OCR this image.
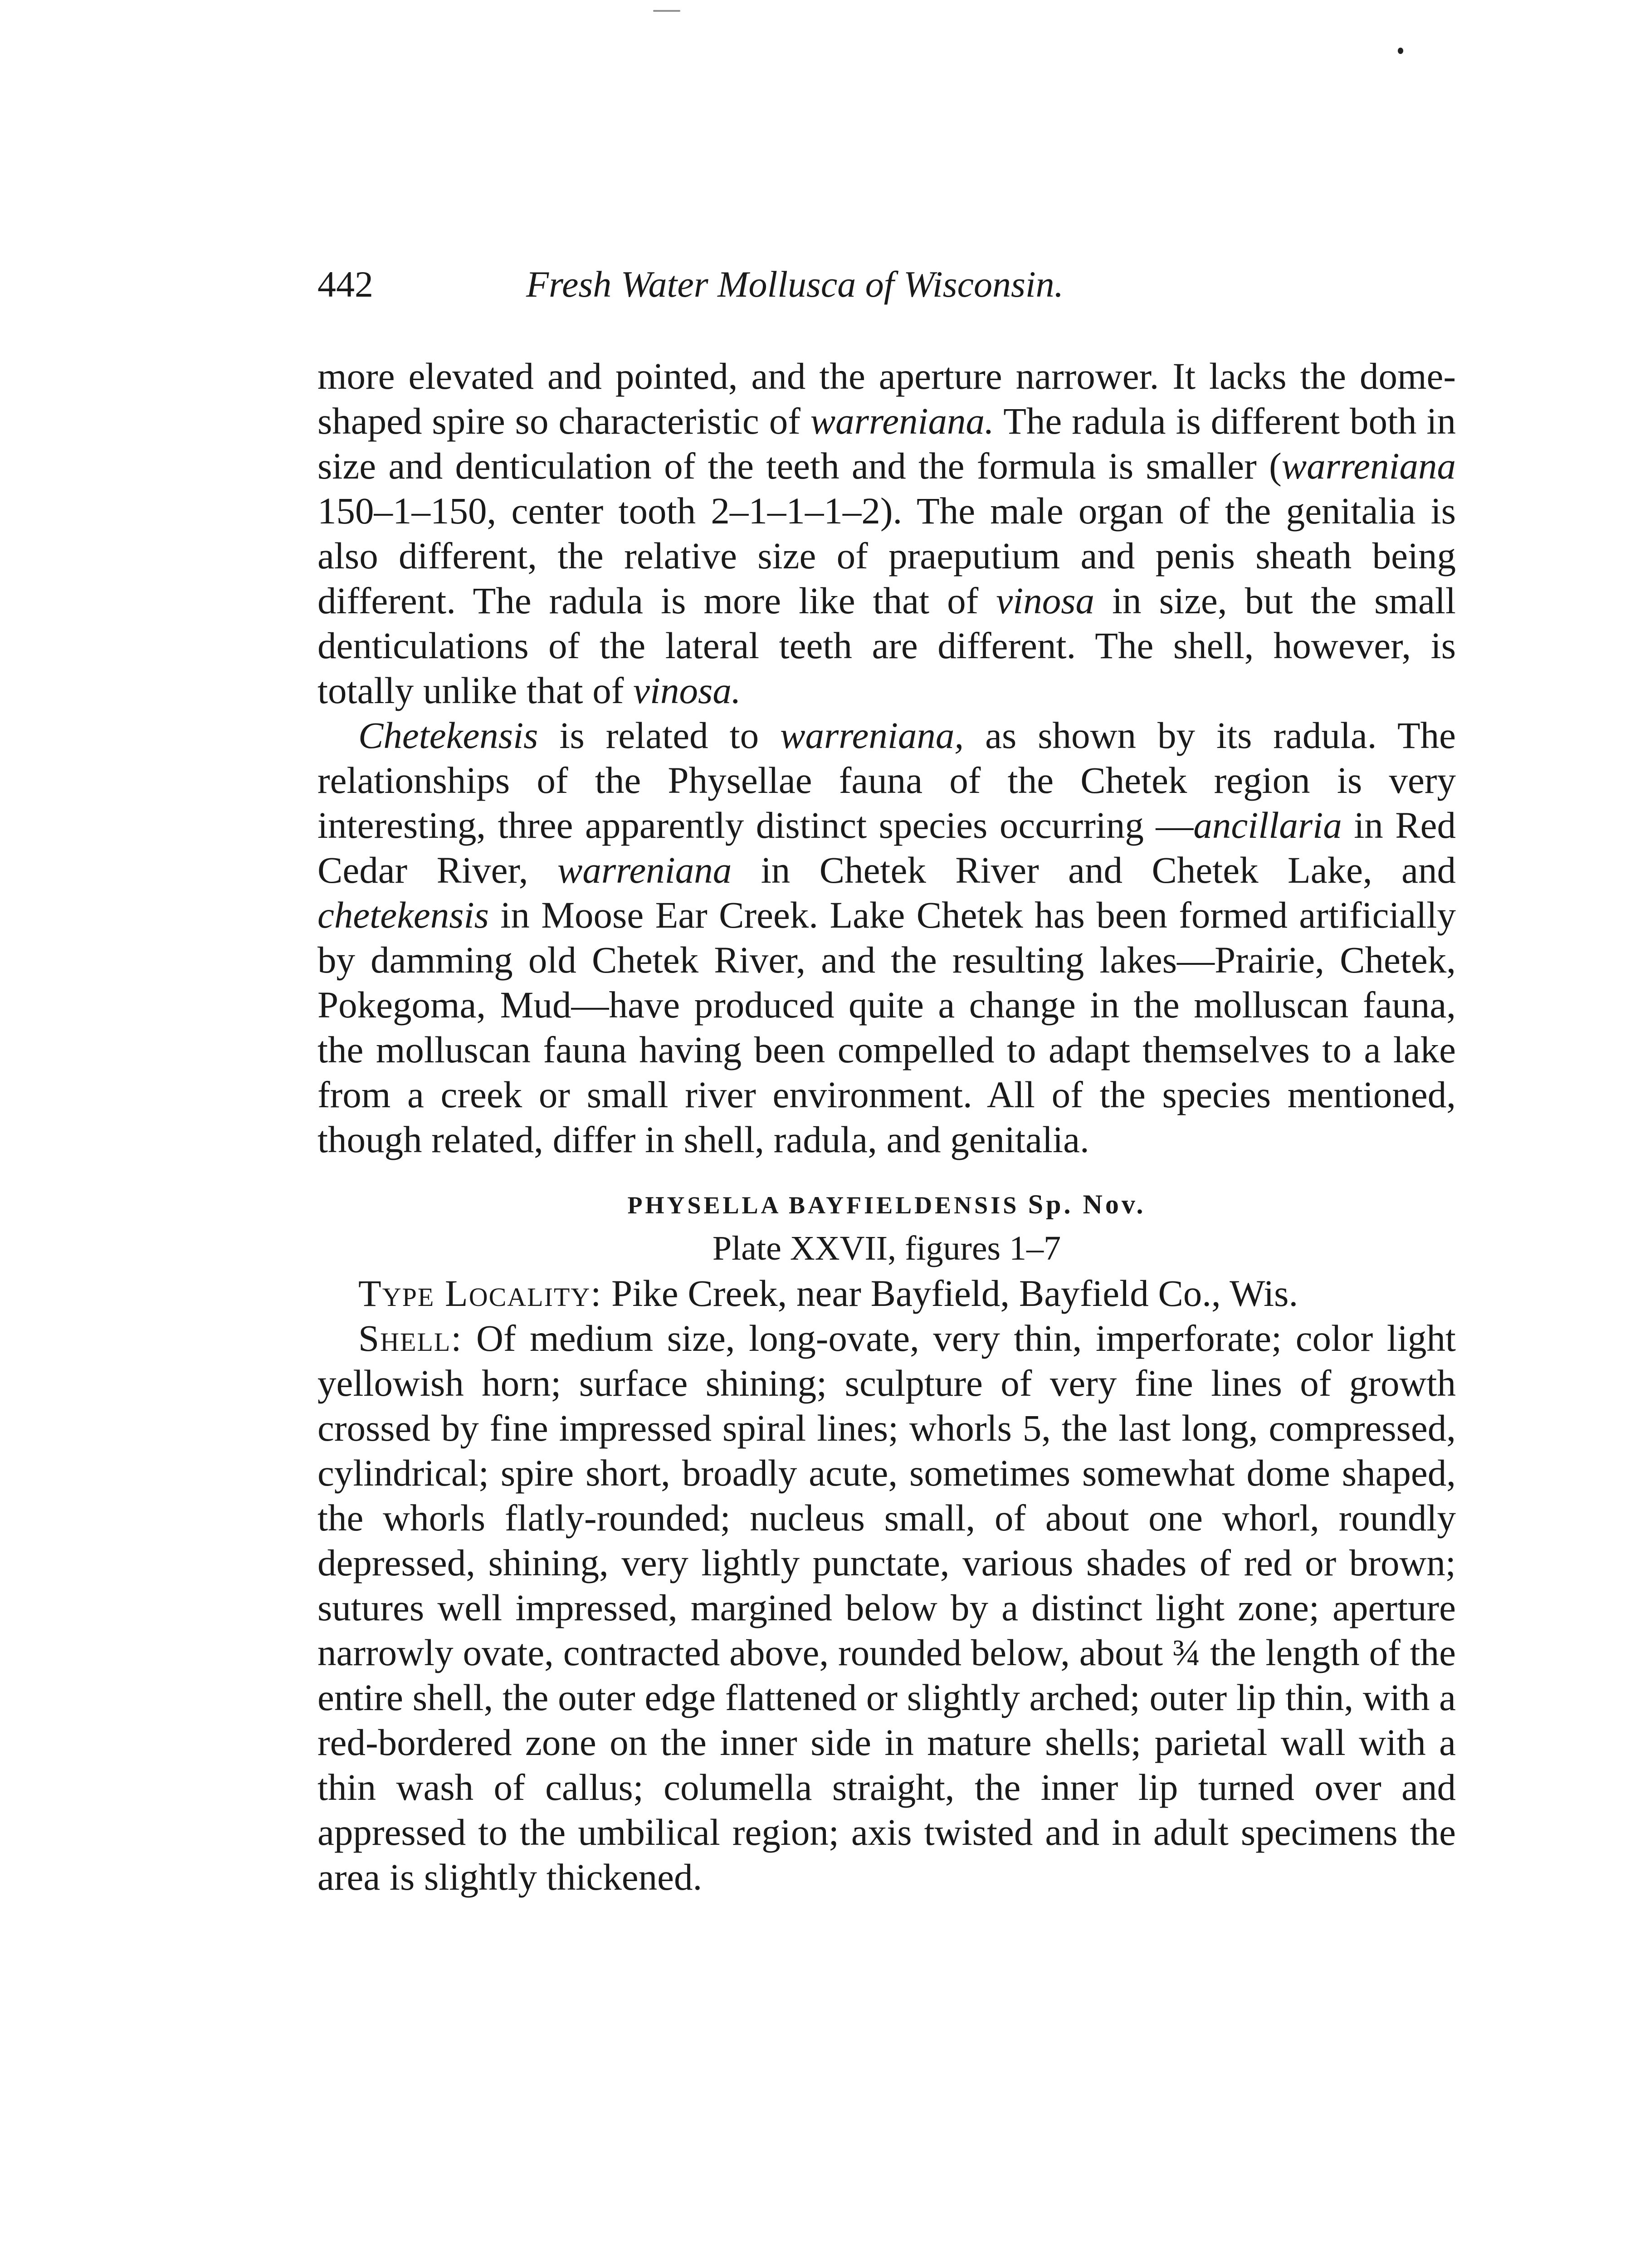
442	Fresh Water Mollusca of Wisconsin.

more elevated and pointed, and the aperture narrower. It lacks the dome-shaped spire so characteristic of warreniana. The radula is different both in size and denticulation of the teeth and the formula is smaller (warreniana 150–1–150, center tooth 2–1–1–1–2). The male organ of the genitalia is also different, the relative size of praeputium and penis sheath being different. The radula is more like that of vinosa in size, but the small denticulations of the lateral teeth are different. The shell, however, is totally unlike that of vinosa.

Chetekensis is related to warreniana, as shown by its radula. The relationships of the Physellae fauna of the Chetek region is very interesting, three apparently distinct species occurring —ancillaria in Red Cedar River, warreniana in Chetek River and Chetek Lake, and chetekensis in Moose Ear Creek. Lake Chetek has been formed artificially by damming old Chetek River, and the resulting lakes—Prairie, Chetek, Pokegoma, Mud—have produced quite a change in the molluscan fauna, the molluscan fauna having been compelled to adapt themselves to a lake from a creek or small river environment. All of the species mentioned, though related, differ in shell, radula, and genitalia.

PHYSELLA BAYFIELDENSIS Sp. Nov.

Plate XXVII, figures 1–7

Type Locality: Pike Creek, near Bayfield, Bayfield Co., Wis.

Shell: Of medium size, long-ovate, very thin, imperforate; color light yellowish horn; surface shining; sculpture of very fine lines of growth crossed by fine impressed spiral lines; whorls 5, the last long, compressed, cylindrical; spire short, broadly acute, sometimes somewhat dome shaped, the whorls flatly-rounded; nucleus small, of about one whorl, roundly depressed, shining, very lightly punctate, various shades of red or brown; sutures well impressed, margined below by a distinct light zone; aperture narrowly ovate, contracted above, rounded below, about ¾ the length of the entire shell, the outer edge flattened or slightly arched; outer lip thin, with a red-bordered zone on the inner side in mature shells; parietal wall with a thin wash of callus; columella straight, the inner lip turned over and appressed to the umbilical region; axis twisted and in adult specimens the area is slightly thickened.
